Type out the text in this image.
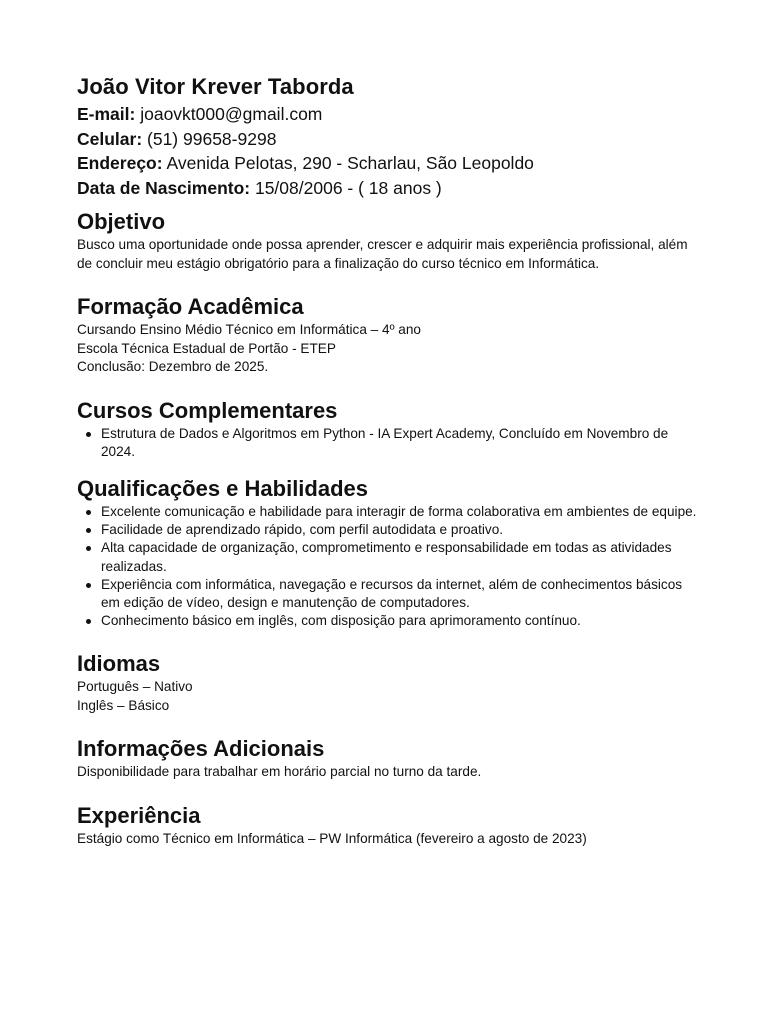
João Vitor Krever Taborda

E-mail: joaovkt000@gmail.com

Celular: (51) 99658-9298

Endereço: Avenida Pelotas, 290 - Scharlau, São Leopoldo

Data de Nascimento: 15/08/2006 - ( 18 anos )

Objetivo

Busco uma oportunidade onde possa aprender, crescer e adquirir mais experiência profissional, além de concluir meu estágio obrigatório para a finalização do curso técnico em Informática.

Formação Acadêmica

Cursando Ensino Médio Técnico em Informática – 4º ano

Escola Técnica Estadual de Portão - ETEP

Conclusão: Dezembro de 2025.

Cursos Complementares
Estrutura de Dados e Algoritmos em Python - IA Expert Academy, Concluído em Novembro de 2024.
Qualificações e Habilidades
Excelente comunicação e habilidade para interagir de forma colaborativa em ambientes de equipe.
Facilidade de aprendizado rápido, com perfil autodidata e proativo.
Alta capacidade de organização, comprometimento e responsabilidade em todas as atividades realizadas.
Experiência com informática, navegação e recursos da internet, além de conhecimentos básicos em edição de vídeo, design e manutenção de computadores.
Conhecimento básico em inglês, com disposição para aprimoramento contínuo.
Idiomas

Português – Nativo

Inglês – Básico

Informações Adicionais

Disponibilidade para trabalhar em horário parcial no turno da tarde.

Experiência

Estágio como Técnico em Informática – PW Informática (fevereiro a agosto de 2023)
